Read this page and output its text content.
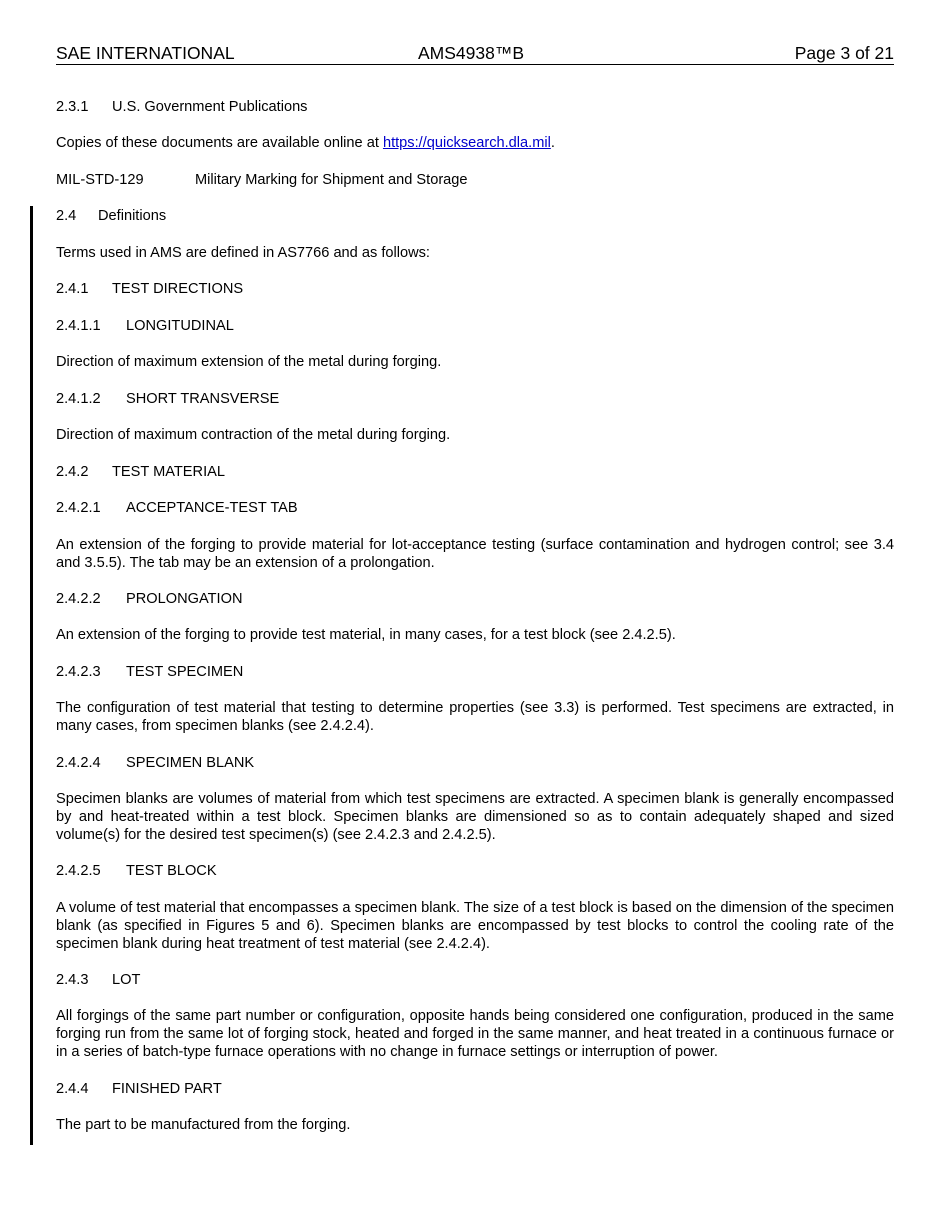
SAE INTERNATIONAL	AMS4938™B	Page 3 of 21
2.3.1 U.S. Government Publications
Copies of these documents are available online at https://quicksearch.dla.mil.
MIL-STD-129	Military Marking for Shipment and Storage
2.4 Definitions
Terms used in AMS are defined in AS7766 and as follows:
2.4.1 TEST DIRECTIONS
2.4.1.1 LONGITUDINAL
Direction of maximum extension of the metal during forging.
2.4.1.2 SHORT TRANSVERSE
Direction of maximum contraction of the metal during forging.
2.4.2 TEST MATERIAL
2.4.2.1 ACCEPTANCE-TEST TAB
An extension of the forging to provide material for lot-acceptance testing (surface contamination and hydrogen control; see 3.4 and 3.5.5). The tab may be an extension of a prolongation.
2.4.2.2 PROLONGATION
An extension of the forging to provide test material, in many cases, for a test block (see 2.4.2.5).
2.4.2.3 TEST SPECIMEN
The configuration of test material that testing to determine properties (see 3.3) is performed. Test specimens are extracted, in many cases, from specimen blanks (see 2.4.2.4).
2.4.2.4 SPECIMEN BLANK
Specimen blanks are volumes of material from which test specimens are extracted. A specimen blank is generally encompassed by and heat-treated within a test block. Specimen blanks are dimensioned so as to contain adequately shaped and sized volume(s) for the desired test specimen(s) (see 2.4.2.3 and 2.4.2.5).
2.4.2.5 TEST BLOCK
A volume of test material that encompasses a specimen blank. The size of a test block is based on the dimension of the specimen blank (as specified in Figures 5 and 6). Specimen blanks are encompassed by test blocks to control the cooling rate of the specimen blank during heat treatment of test material (see 2.4.2.4).
2.4.3 LOT
All forgings of the same part number or configuration, opposite hands being considered one configuration, produced in the same forging run from the same lot of forging stock, heated and forged in the same manner, and heat treated in a continuous furnace or in a series of batch-type furnace operations with no change in furnace settings or interruption of power.
2.4.4 FINISHED PART
The part to be manufactured from the forging.
